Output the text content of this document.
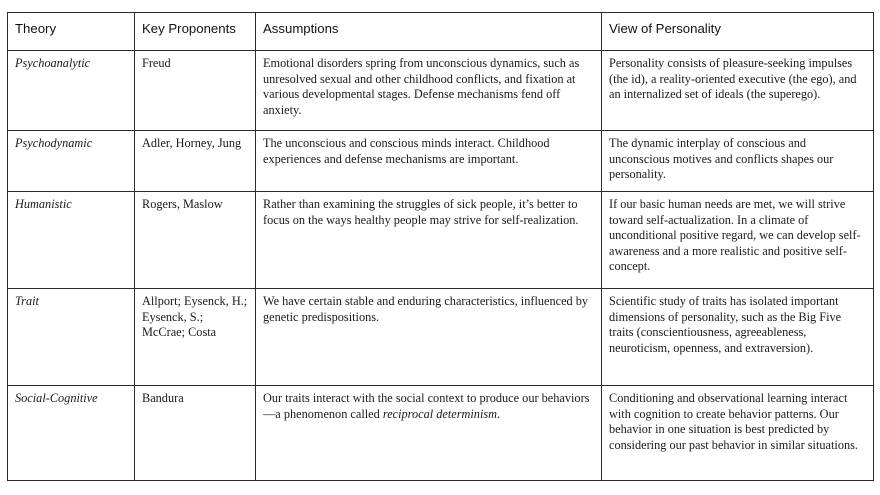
Theory	Key Proponents	Assumptions	View of Personality
Psychoanalytic	Freud	Emotional disorders spring from unconscious dynamics, such as unresolved sexual and other childhood conflicts, and fixation at various developmental stages. Defense mechanisms fend off anxiety.	Personality consists of pleasure-seeking impulses (the id), a reality-oriented executive (the ego), and an internalized set of ideals (the superego).
Psychodynamic	Adler, Horney, Jung	The unconscious and conscious minds interact. Childhood experiences and defense mechanisms are important.	The dynamic interplay of conscious and unconscious motives and conflicts shapes our personality.
Humanistic	Rogers, Maslow	Rather than examining the struggles of sick people, it’s better to focus on the ways healthy people may strive for self-realization.	If our basic human needs are met, we will strive toward self-actualization. In a climate of unconditional positive regard, we can develop self-awareness and a more realistic and positive self-concept.
Trait	Allport; Eysenck, H.; Eysenck, S.; McCrae; Costa	We have certain stable and enduring characteristics, influenced by genetic predispositions.	Scientific study of traits has isolated important dimensions of personality, such as the Big Five traits (conscientiousness, agreeableness, neuroticism, openness, and extraversion).
Social-Cognitive	Bandura	Our traits interact with the social context to produce our behaviors—a phenomenon called reciprocal determinism.	Conditioning and observational learning interact with cognition to create behavior patterns. Our behavior in one situation is best predicted by considering our past behavior in similar situations.
